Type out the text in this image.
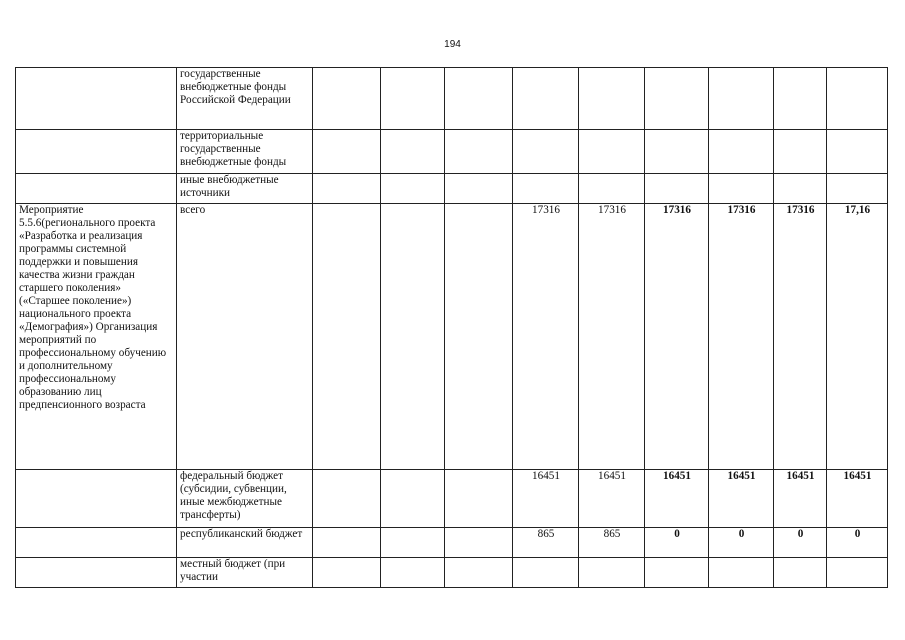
194
	государственные внебюджетные фонды Российской Федерации									
	территориальные государственные внебюджетные фонды									
	иные внебюджетные источники									
Мероприятие 5.5.6(регионального проекта «Разработка и реализация программы системной поддержки и повышения качества жизни граждан старшего поколения» («Старшее поколение») национального проекта «Демография») Организация мероприятий по профессиональному обучению и дополнительному профессиональному образованию лиц предпенсионного возраста	всего				17316	17316	17316	17316	17316	17,16
	федеральный бюджет (субсидии, субвенции, иные межбюджетные трансферты)				16451	16451	16451	16451	16451	16451
	республиканский бюджет				865	865	0	0	0	0
	местный бюджет (при участии									
